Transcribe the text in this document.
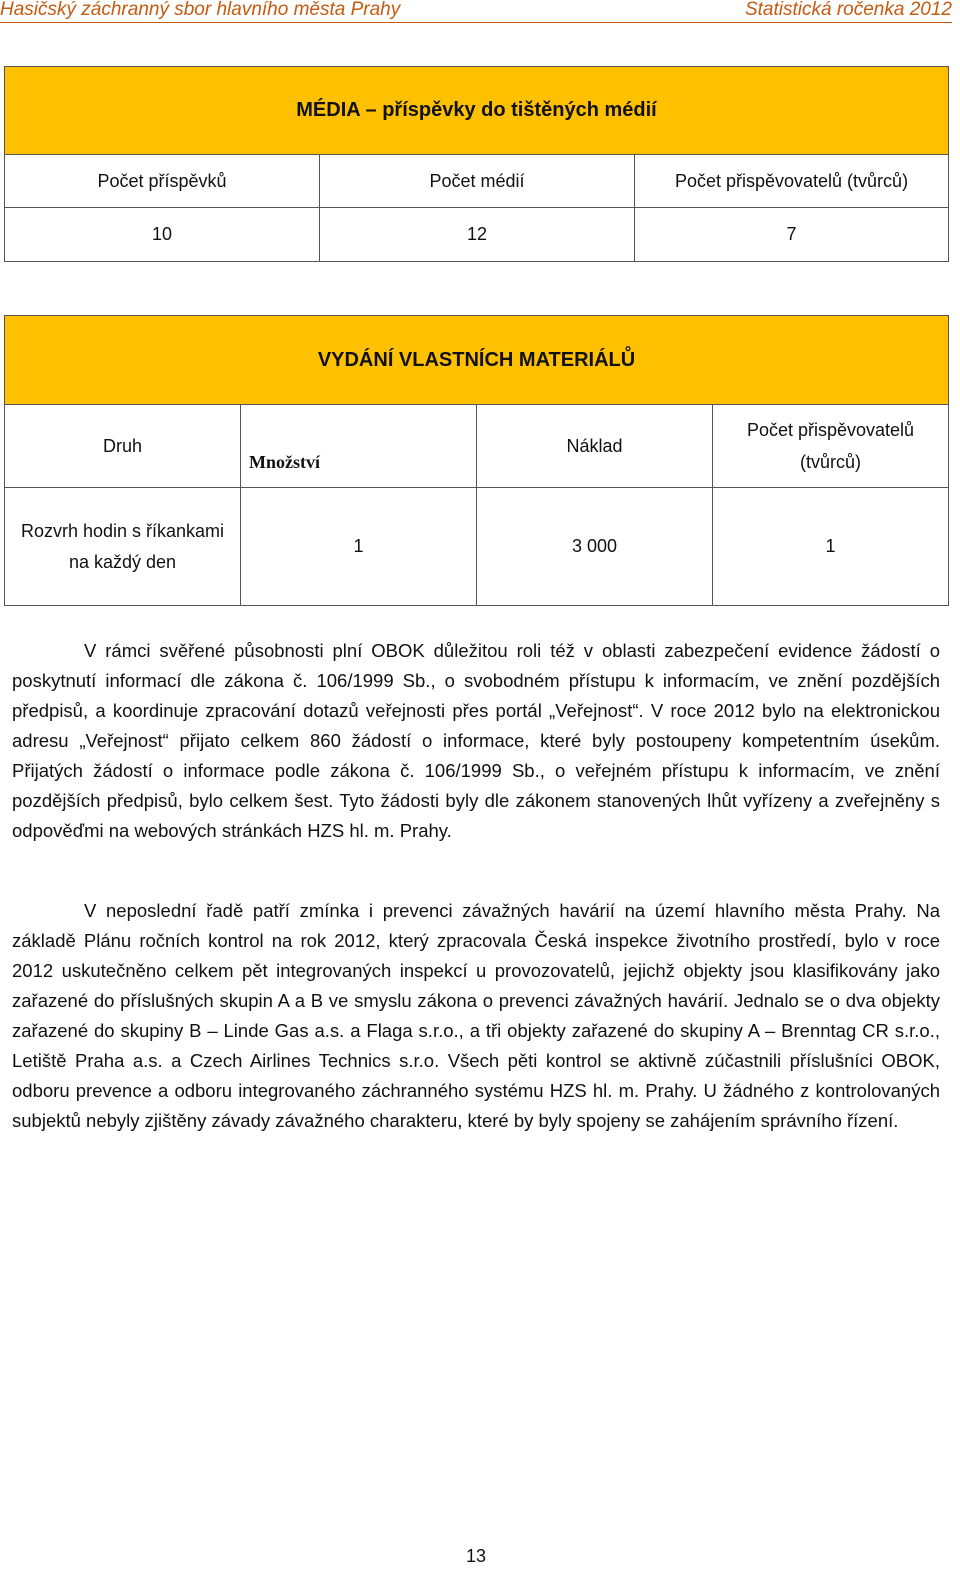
Hasičský záchranný sbor hlavního města Prahy	Statistická ročenka 2012
MÉDIA – příspěvky do tištěných médií		
Počet příspěvků	Počet médií	Počet přispěvovatelů (tvůrců)
10	12	7
VYDÁNÍ VLASTNÍCH MATERIÁLŮ			
Druh	Množství	Náklad	Počet přispěvovatelů (tvůrců)
Rozvrh hodin s říkankami na každý den	1	3 000	1

V rámci svěřené působnosti plní OBOK důležitou roli též v oblasti zabezpečení evidence žádostí o poskytnutí informací dle zákona č. 106/1999 Sb., o svobodném přístupu k informacím, ve znění pozdějších předpisů, a koordinuje zpracování dotazů veřejnosti přes portál „Veřejnost“. V roce 2012 bylo na elektronickou adresu „Veřejnost“ přijato celkem 860 žádostí o informace, které byly postoupeny kompetentním úsekům. Přijatých žádostí o informace podle zákona č. 106/1999 Sb., o veřejném přístupu k informacím, ve znění pozdějších předpisů, bylo celkem šest. Tyto žádosti byly dle zákonem stanovených lhůt vyřízeny a zveřejněny s odpověďmi na webových stránkách HZS hl. m. Prahy.

V neposlední řadě patří zmínka i prevenci závažných havárií na území hlavního města Prahy. Na základě Plánu ročních kontrol na rok 2012, který zpracovala Česká inspekce životního prostředí, bylo v roce 2012 uskutečněno celkem pět integrovaných inspekcí u provozovatelů, jejichž objekty jsou klasifikovány jako zařazené do příslušných skupin A a B ve smyslu zákona o prevenci závažných havárií. Jednalo se o dva objekty zařazené do skupiny B – Linde Gas a.s. a Flaga s.r.o., a tři objekty zařazené do skupiny A – Brenntag CR s.r.o., Letiště Praha a.s. a Czech Airlines Technics s.r.o. Všech pěti kontrol se aktivně zúčastnili příslušníci OBOK, odboru prevence a odboru integrovaného záchranného systému HZS hl. m. Prahy. U žádného z kontrolovaných subjektů nebyly zjištěny závady závažného charakteru, které by byly spojeny se zahájením správního řízení.

13
